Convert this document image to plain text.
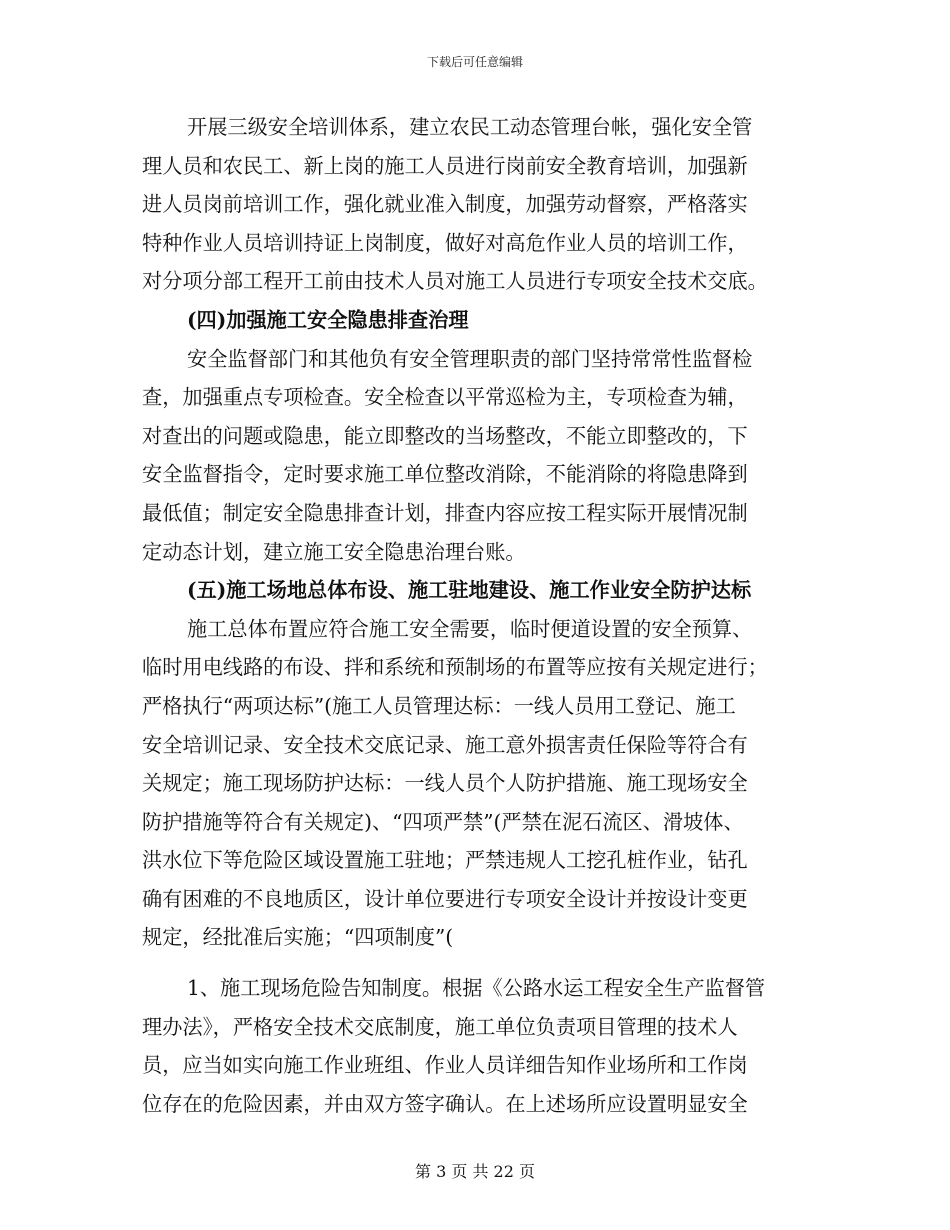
下载后可任意编辑
开展三级安全培训体系，建立农民工动态管理台帐，强化安全管
理人员和农民工、新上岗的施工人员进行岗前安全教育培训，加强新
进人员岗前培训工作，强化就业准入制度，加强劳动督察，严格落实
特种作业人员培训持证上岗制度，做好对高危作业人员的培训工作，
对分项分部工程开工前由技术人员对施工人员进行专项安全技术交底。
(四)加强施工安全隐患排查治理
安全监督部门和其他负有安全管理职责的部门坚持常常性监督检
查，加强重点专项检查。安全检查以平常巡检为主，专项检查为辅，
对查出的问题或隐患，能立即整改的当场整改，不能立即整改的，下
安全监督指令，定时要求施工单位整改消除，不能消除的将隐患降到
最低值；制定安全隐患排查计划，排查内容应按工程实际开展情况制
定动态计划，建立施工安全隐患治理台账。
(五)施工场地总体布设、施工驻地建设、施工作业安全防护达标
施工总体布置应符合施工安全需要，临时便道设置的安全预算、
临时用电线路的布设、拌和系统和预制场的布置等应按有关规定进行；
严格执行“两项达标”(施工人员管理达标：一线人员用工登记、施工
安全培训记录、安全技术交底记录、施工意外损害责任保险等符合有
关规定；施工现场防护达标：一线人员个人防护措施、施工现场安全
防护措施等符合有关规定)、“四项严禁”(严禁在泥石流区、滑坡体、
洪水位下等危险区域设置施工驻地；严禁违规人工挖孔桩作业，钻孔
确有困难的不良地质区，设计单位要进行专项安全设计并按设计变更
规定，经批准后实施；“四项制度”(
1、施工现场危险告知制度。根据《公路水运工程安全生产监督管
理办法》，严格安全技术交底制度，施工单位负责项目管理的技术人
员，应当如实向施工作业班组、作业人员详细告知作业场所和工作岗
位存在的危险因素，并由双方签字确认。在上述场所应设置明显安全
第 3 页 共 22 页
